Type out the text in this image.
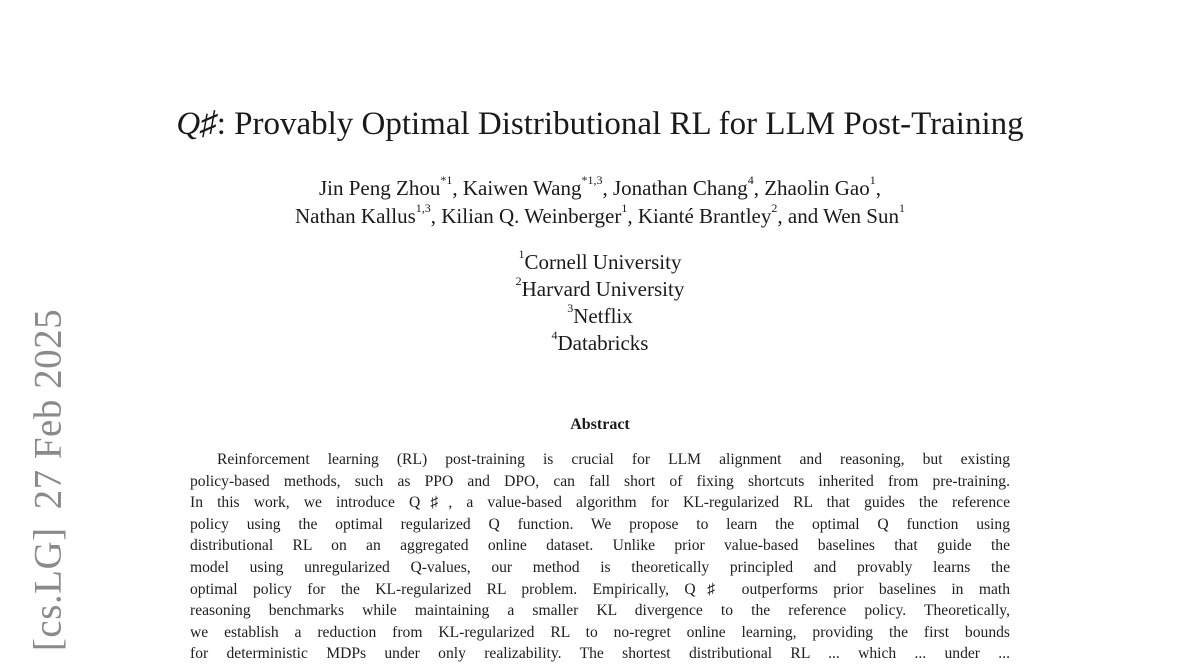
[cs.LG]27 Feb 2025
Q♯: Provably Optimal Distributional RL for LLM Post-Training
Jin Peng Zhou$^{*1}$, Kaiwen Wang$^{*1,3}$, Jonathan Chang$^4$, Zhaolin Gao$^1$,
Nathan Kallus$^{1,3}$, Kilian Q. Weinberger$^1$, Kianté Brantley$^2$, and Wen Sun$^1$
$^1$Cornell University
$^2$Harvard University
$^3$Netflix
$^4$Databricks
Abstract
Reinforcement learning (RL) post-training is crucial for LLM alignment and reasoning, but existing
policy-based methods, such as PPO and DPO, can fall short of fixing shortcuts inherited from pre-training.
In this work, we introduce Q♯, a value-based algorithm for KL-regularized RL that guides the reference
policy using the optimal regularized Q function. We propose to learn the optimal Q function using
distributional RL on an aggregated online dataset. Unlike prior value-based baselines that guide the
model using unregularized Q-values, our method is theoretically principled and provably learns the
optimal policy for the KL-regularized RL problem. Empirically, Q♯ outperforms prior baselines in math
reasoning benchmarks while maintaining a smaller KL divergence to the reference policy. Theoretically,
we establish a reduction from KL-regularized RL to no-regret online learning, providing the first bounds
for deterministic MDPs under only realizability. The shortest distributional RL ... which ... under ...
